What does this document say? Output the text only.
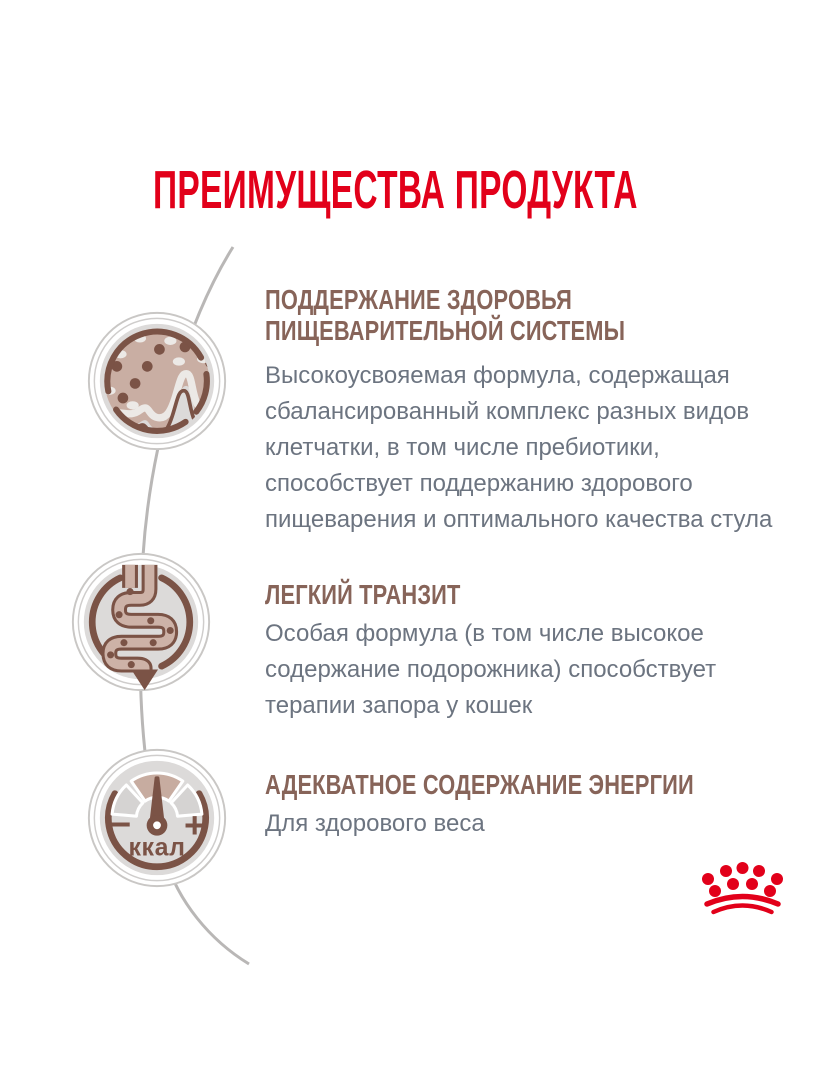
ПРЕИМУЩЕСТВА ПРОДУКТА
ПОДДЕРЖАНИЕ ЗДОРОВЬЯ ПИЩЕВАРИТЕЛЬНОЙ СИСТЕМЫ

Высокоусвояемая формула, содержащая сбалансированный комплекс разных видов клетчатки, в том числе пребиотики, способствует поддержанию здорового пищеварения и оптимального качества стула

ЛЕГКИЙ ТРАНЗИТ

Особая формула (в том числе высокое содержание подорожника) способствует терапии запора у кошек

− +
ккал
АДЕКВАТНОЕ СОДЕРЖАНИЕ ЭНЕРГИИ

Для здорового веса
